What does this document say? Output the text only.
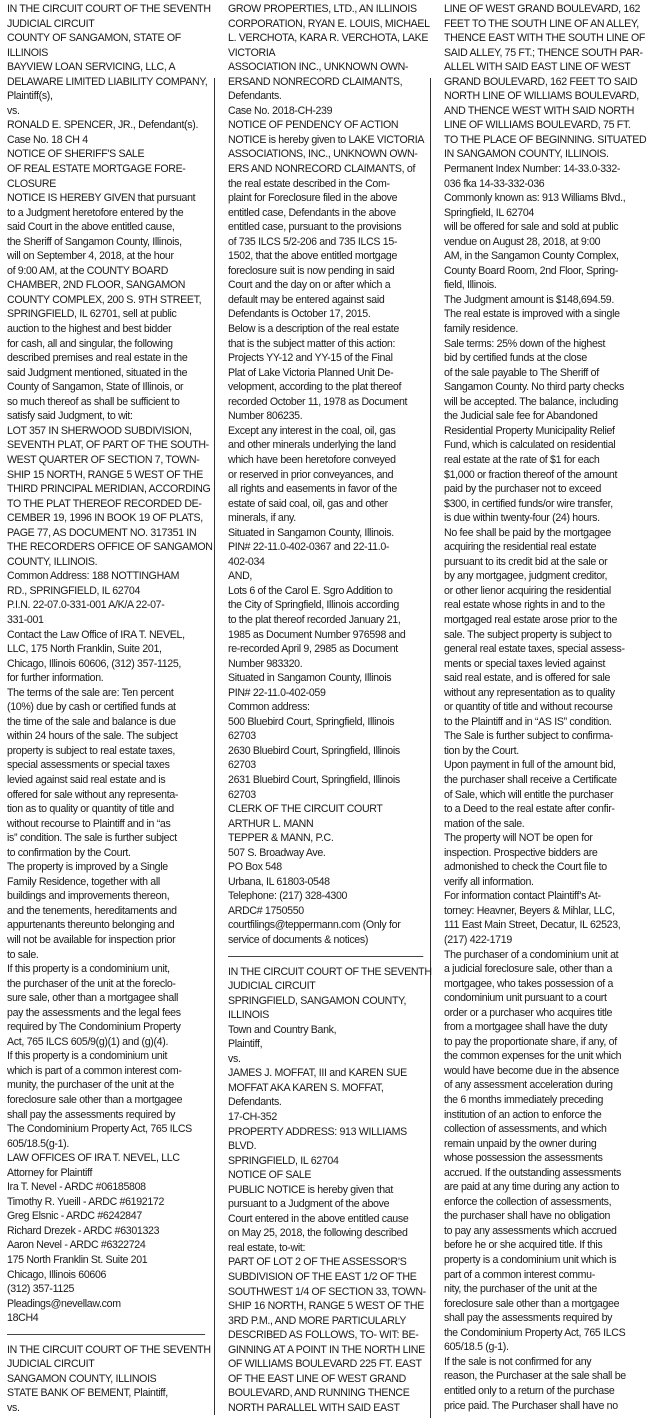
IN THE CIRCUIT COURT OF THE SEVENTH
JUDICIAL CIRCUIT
COUNTY OF SANGAMON, STATE OF
ILLINOIS
BAYVIEW LOAN SERVICING, LLC, A
DELAWARE LIMITED LIABILITY COMPANY,
Plaintiff(s),
vs.
RONALD E. SPENCER, JR., Defendant(s).
Case No. 18 CH 4
NOTICE OF SHERIFF'S SALE
OF REAL ESTATE MORTGAGE FORE-
CLOSURE
NOTICE IS HEREBY GIVEN that pursuant
to a Judgment heretofore entered by the
said Court in the above entitled cause,
the Sheriff of Sangamon County, Illinois,
will on September 4, 2018, at the hour
of 9:00 AM, at the COUNTY BOARD
CHAMBER, 2ND FLOOR, SANGAMON
COUNTY COMPLEX, 200 S. 9TH STREET,
SPRINGFIELD, IL 62701, sell at public
auction to the highest and best bidder
for cash, all and singular, the following
described premises and real estate in the
said Judgment mentioned, situated in the
County of Sangamon, State of Illinois, or
so much thereof as shall be sufficient to
satisfy said Judgment, to wit:
LOT 357 IN SHERWOOD SUBDIVISION,
SEVENTH PLAT, OF PART OF THE SOUTH-
WEST QUARTER OF SECTION 7, TOWN-
SHIP 15 NORTH, RANGE 5 WEST OF THE
THIRD PRINCIPAL MERIDIAN, ACCORDING
TO THE PLAT THEREOF RECORDED DE-
CEMBER 19, 1996 IN BOOK 19 OF PLATS,
PAGE 77, AS DOCUMENT NO. 317351 IN
THE RECORDERS OFFICE OF SANGAMON
COUNTY, ILLINOIS.
Common Address: 188 NOTTINGHAM
RD., SPRINGFIELD, IL 62704
P.I.N. 22-07.0-331-001 A/K/A 22-07-
331-001
Contact the Law Office of IRA T. NEVEL,
LLC, 175 North Franklin, Suite 201,
Chicago, Illinois 60606, (312) 357-1125,
for further information.
The terms of the sale are: Ten percent
(10%) due by cash or certified funds at
the time of the sale and balance is due
within 24 hours of the sale. The subject
property is subject to real estate taxes,
special assessments or special taxes
levied against said real estate and is
offered for sale without any representa-
tion as to quality or quantity of title and
without recourse to Plaintiff and in “as
is” condition. The sale is further subject
to confirmation by the Court.
The property is improved by a Single
Family Residence, together with all
buildings and improvements thereon,
and the tenements, hereditaments and
appurtenants thereunto belonging and
will not be available for inspection prior
to sale.
If this property is a condominium unit,
the purchaser of the unit at the foreclo-
sure sale, other than a mortgagee shall
pay the assessments and the legal fees
required by The Condominium Property
Act, 765 ILCS 605/9(g)(1) and (g)(4).
If this property is a condominium unit
which is part of a common interest com-
munity, the purchaser of the unit at the
foreclosure sale other than a mortgagee
shall pay the assessments required by
The Condominium Property Act, 765 ILCS
605/18.5(g-1).
LAW OFFICES OF IRA T. NEVEL, LLC
Attorney for Plaintiff
Ira T. Nevel - ARDC #06185808
Timothy R. Yueill - ARDC #6192172
Greg Elsnic - ARDC #6242847
Richard Drezek - ARDC #6301323
Aaron Nevel - ARDC #6322724
175 North Franklin St. Suite 201
Chicago, Illinois 60606
(312) 357-1125
Pleadings@nevellaw.com
18CH4
IN THE CIRCUIT COURT OF THE SEVENTH
JUDICIAL CIRCUIT
SANGAMON COUNTY, ILLINOIS
STATE BANK OF BEMENT, Plaintiff,
vs.
GROW PROPERTIES, LTD., AN ILLINOIS
CORPORATION, RYAN E. LOUIS, MICHAEL
L. VERCHOTA, KARA R. VERCHOTA, LAKE
VICTORIA
ASSOCIATION INC., UNKNOWN OWN-
ERSAND NONRECORD CLAIMANTS,
Defendants.
Case No. 2018-CH-239
NOTICE OF PENDENCY OF ACTION
NOTICE is hereby given to LAKE VICTORIA
ASSOCIATIONS, INC., UNKNOWN OWN-
ERS AND NONRECORD CLAIMANTS, of
the real estate described in the Com-
plaint for Foreclosure filed in the above
entitled case, Defendants in the above
entitled case, pursuant to the provisions
of 735 ILCS 5/2-206 and 735 ILCS 15-
1502, that the above entitled mortgage
foreclosure suit is now pending in said
Court and the day on or after which a
default may be entered against said
Defendants is October 17, 2015.
Below is a description of the real estate
that is the subject matter of this action:
Projects YY-12 and YY-15 of the Final
Plat of Lake Victoria Planned Unit De-
velopment, according to the plat thereof
recorded October 11, 1978 as Document
Number 806235.
Except any interest in the coal, oil, gas
and other minerals underlying the land
which have been heretofore conveyed
or reserved in prior conveyances, and
all rights and easements in favor of the
estate of said coal, oil, gas and other
minerals, if any.
Situated in Sangamon County, Illinois.
PIN# 22-11.0-402-0367 and 22-11.0-
402-034
AND,
Lots 6 of the Carol E. Sgro Addition to
the City of Springfield, Illinois according
to the plat thereof recorded January 21,
1985 as Document Number 976598 and
re-recorded April 9, 2985 as Document
Number 983320.
Situated in Sangamon County, Illinois
PIN# 22-11.0-402-059
Common address:
500 Bluebird Court, Springfield, Illinois
62703
2630 Bluebird Court, Springfield, Illinois
62703
2631 Bluebird Court, Springfield, Illinois
62703
CLERK OF THE CIRCUIT COURT
ARTHUR L. MANN
TEPPER & MANN, P.C.
507 S. Broadway Ave.
PO Box 548
Urbana, IL 61803-0548
Telephone: (217) 328-4300
ARDC# 1750550
courtfilings@teppermann.com (Only for
service of documents & notices)
IN THE CIRCUIT COURT OF THE SEVENTH
JUDICIAL CIRCUIT
SPRINGFIELD, SANGAMON COUNTY,
ILLINOIS
Town and Country Bank,
Plaintiff,
vs.
JAMES J. MOFFAT, III and KAREN SUE
MOFFAT AKA KAREN S. MOFFAT,
Defendants.
17-CH-352
PROPERTY ADDRESS: 913 WILLIAMS
BLVD.
SPRINGFIELD, IL 62704
NOTICE OF SALE
PUBLIC NOTICE is hereby given that
pursuant to a Judgment of the above
Court entered in the above entitled cause
on May 25, 2018, the following described
real estate, to-wit:
PART OF LOT 2 OF THE ASSESSOR’S
SUBDIVISION OF THE EAST 1/2 OF THE
SOUTHWEST 1/4 OF SECTION 33, TOWN-
SHIP 16 NORTH, RANGE 5 WEST OF THE
3RD P.M., AND MORE PARTICULARLY
DESCRIBED AS FOLLOWS, TO- WIT: BE-
GINNING AT A POINT IN THE NORTH LINE
OF WILLIAMS BOULEVARD 225 FT. EAST
OF THE EAST LINE OF WEST GRAND
BOULEVARD, AND RUNNING THENCE
NORTH PARALLEL WITH SAID EAST
LINE OF WEST GRAND BOULEVARD, 162
FEET TO THE SOUTH LINE OF AN ALLEY,
THENCE EAST WITH THE SOUTH LINE OF
SAID ALLEY, 75 FT.; THENCE SOUTH PAR-
ALLEL WITH SAID EAST LINE OF WEST
GRAND BOULEVARD, 162 FEET TO SAID
NORTH LINE OF WILLIAMS BOULEVARD,
AND THENCE WEST WITH SAID NORTH
LINE OF WILLIAMS BOULEVARD, 75 FT.
TO THE PLACE OF BEGINNING. SITUATED
IN SANGAMON COUNTY, ILLINOIS.
Permanent Index Number: 14-33.0-332-
036 fka 14-33-332-036
Commonly known as: 913 Williams Blvd.,
Springfield, IL 62704
will be offered for sale and sold at public
vendue on August 28, 2018, at 9:00
AM, in the Sangamon County Complex,
County Board Room, 2nd Floor, Spring-
field, Illinois.
The Judgment amount is $148,694.59.
The real estate is improved with a single
family residence.
Sale terms: 25% down of the highest
bid by certified funds at the close
of the sale payable to The Sheriff of
Sangamon County. No third party checks
will be accepted. The balance, including
the Judicial sale fee for Abandoned
Residential Property Municipality Relief
Fund, which is calculated on residential
real estate at the rate of $1 for each
$1,000 or fraction thereof of the amount
paid by the purchaser not to exceed
$300, in certified funds/or wire transfer,
is due within twenty-four (24) hours.
No fee shall be paid by the mortgagee
acquiring the residential real estate
pursuant to its credit bid at the sale or
by any mortgagee, judgment creditor,
or other lienor acquiring the residential
real estate whose rights in and to the
mortgaged real estate arose prior to the
sale. The subject property is subject to
general real estate taxes, special assess-
ments or special taxes levied against
said real estate, and is offered for sale
without any representation as to quality
or quantity of title and without recourse
to the Plaintiff and in “AS IS” condition.
The Sale is further subject to confirma-
tion by the Court.
Upon payment in full of the amount bid,
the purchaser shall receive a Certificate
of Sale, which will entitle the purchaser
to a Deed to the real estate after confir-
mation of the sale.
The property will NOT be open for
inspection. Prospective bidders are
admonished to check the Court file to
verify all information.
For information contact Plaintiff’s At-
torney: Heavner, Beyers & Mihlar, LLC,
111 East Main Street, Decatur, IL 62523,
(217) 422-1719
The purchaser of a condominium unit at
a judicial foreclosure sale, other than a
mortgagee, who takes possession of a
condominium unit pursuant to a court
order or a purchaser who acquires title
from a mortgagee shall have the duty
to pay the proportionate share, if any, of
the common expenses for the unit which
would have become due in the absence
of any assessment acceleration during
the 6 months immediately preceding
institution of an action to enforce the
collection of assessments, and which
remain unpaid by the owner during
whose possession the assessments
accrued. If the outstanding assessments
are paid at any time during any action to
enforce the collection of assessments,
the purchaser shall have no obligation
to pay any assessments which accrued
before he or she acquired title. If this
property is a condominium unit which is
part of a common interest commu-
nity, the purchaser of the unit at the
foreclosure sale other than a mortgagee
shall pay the assessments required by
the Condominium Property Act, 765 ILCS
605/18.5 (g-1).
If the sale is not confirmed for any
reason, the Purchaser at the sale shall be
entitled only to a return of the purchase
price paid. The Purchaser shall have no
